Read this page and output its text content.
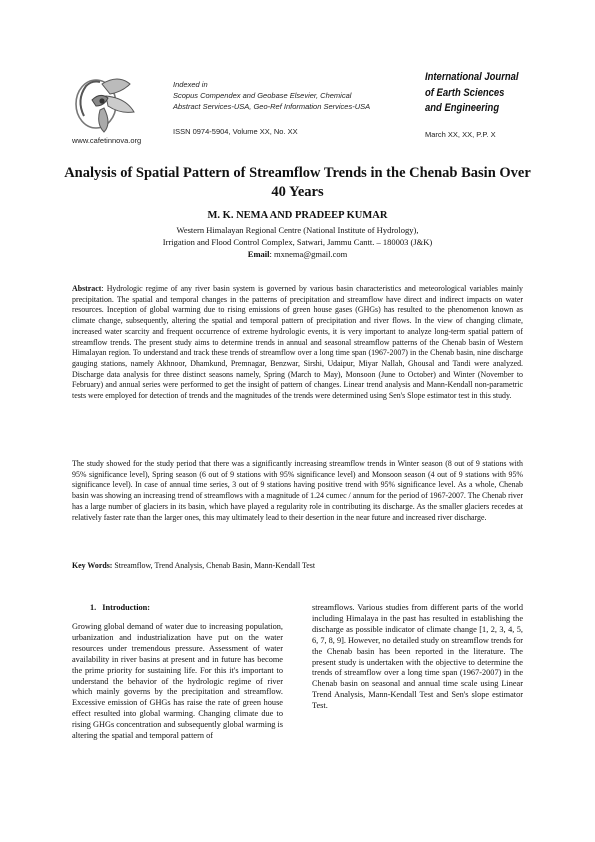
www.cafetinnova.org
Indexed in
Scopus Compendex and Geobase Elsevier, Chemical
Abstract Services-USA, Geo-Ref Information Services-USA
ISSN 0974-5904, Volume XX, No. XX
International Journal
of Earth Sciences
and Engineering
March XX, XX, P.P. X
Analysis of Spatial Pattern of Streamflow Trends in the Chenab Basin Over 40 Years
M. K. NEMA AND PRADEEP KUMAR
Western Himalayan Regional Centre (National Institute of Hydrology),
Irrigation and Flood Control Complex, Satwari, Jammu Cantt. – 180003 (J&K)
Email: mxnema@gmail.com
Abstract: Hydrologic regime of any river basin system is governed by various basin characteristics and meteorological variables mainly precipitation. The spatial and temporal changes in the patterns of precipitation and streamflow have direct and indirect impacts on water resources. Inception of global warming due to rising emissions of green house gases (GHGs) has resulted to the phenomenon known as climate change, subsequently, altering the spatial and temporal pattern of precipitation and river flows. In the view of changing climate, increased water scarcity and frequent occurrence of extreme hydrologic events, it is very important to analyze long-term spatial pattern of streamflow trends. The present study aims to determine trends in annual and seasonal streamflow patterns of the Chenab basin of Western Himalayan region. To understand and track these trends of streamflow over a long time span (1967-2007) in the Chenab basin, nine discharge gauging stations, namely Akhnoor, Dhamkund, Premnagar, Benzwar, Sirshi, Udaipur, Miyar Nallah, Ghousal and Tandi were analyzed. Discharge data analysis for three distinct seasons namely, Spring (March to May), Monsoon (June to October) and Winter (November to February) and annual series were performed to get the insight of pattern of changes. Linear trend analysis and Mann-Kendall non-parametric tests were employed for detection of trends and the magnitudes of the trends were determined using Sen's Slope estimator test in this study.
The study showed for the study period that there was a significantly increasing streamflow trends in Winter season (8 out of 9 stations with 95% significance level), Spring season (6 out of 9 stations with 95% significance level) and Monsoon season (4 out of 9 stations with 95% significance level). In case of annual time series, 3 out of 9 stations having positive trend with 95% significance level. As a whole, Chenab basin was showing an increasing trend of streamflows with a magnitude of 1.24 cumec / annum for the period of 1967-2007. The Chenab river has a large number of glaciers in its basin, which have played a regularity role in contributing its discharge. As the smaller glaciers recedes at relatively faster rate than the larger ones, this may ultimately lead to their desertion in the near future and increased river discharge.
Key Words: Streamflow, Trend Analysis, Chenab Basin, Mann-Kendall Test
1. Introduction:
Growing global demand of water due to increasing population, urbanization and industrialization have put on the water resources under tremendous pressure. Assessment of water availability in river basins at present and in future has become the prime priority for sustaining life. For this it's important to understand the behavior of the hydrologic regime of river which mainly governs by the precipitation and streamflow. Excessive emission of GHGs has raise the rate of green house effect resulted into global warming. Changing climate due to rising GHGs concentration and subsequently global warming is altering the spatial and temporal pattern of
streamflows. Various studies from different parts of the world including Himalaya in the past has resulted in establishing the discharge as possible indicator of climate change [1, 2, 3, 4, 5, 6, 7, 8, 9]. However, no detailed study on streamflow trends for the Chenab basin has been reported in the literature. The present study is undertaken with the objective to determine the trends of streamflow over a long time span (1967-2007) in the Chenab basin on seasonal and annual time scale using Linear Trend Analysis, Mann-Kendall Test and Sen's slope estimator Test.
